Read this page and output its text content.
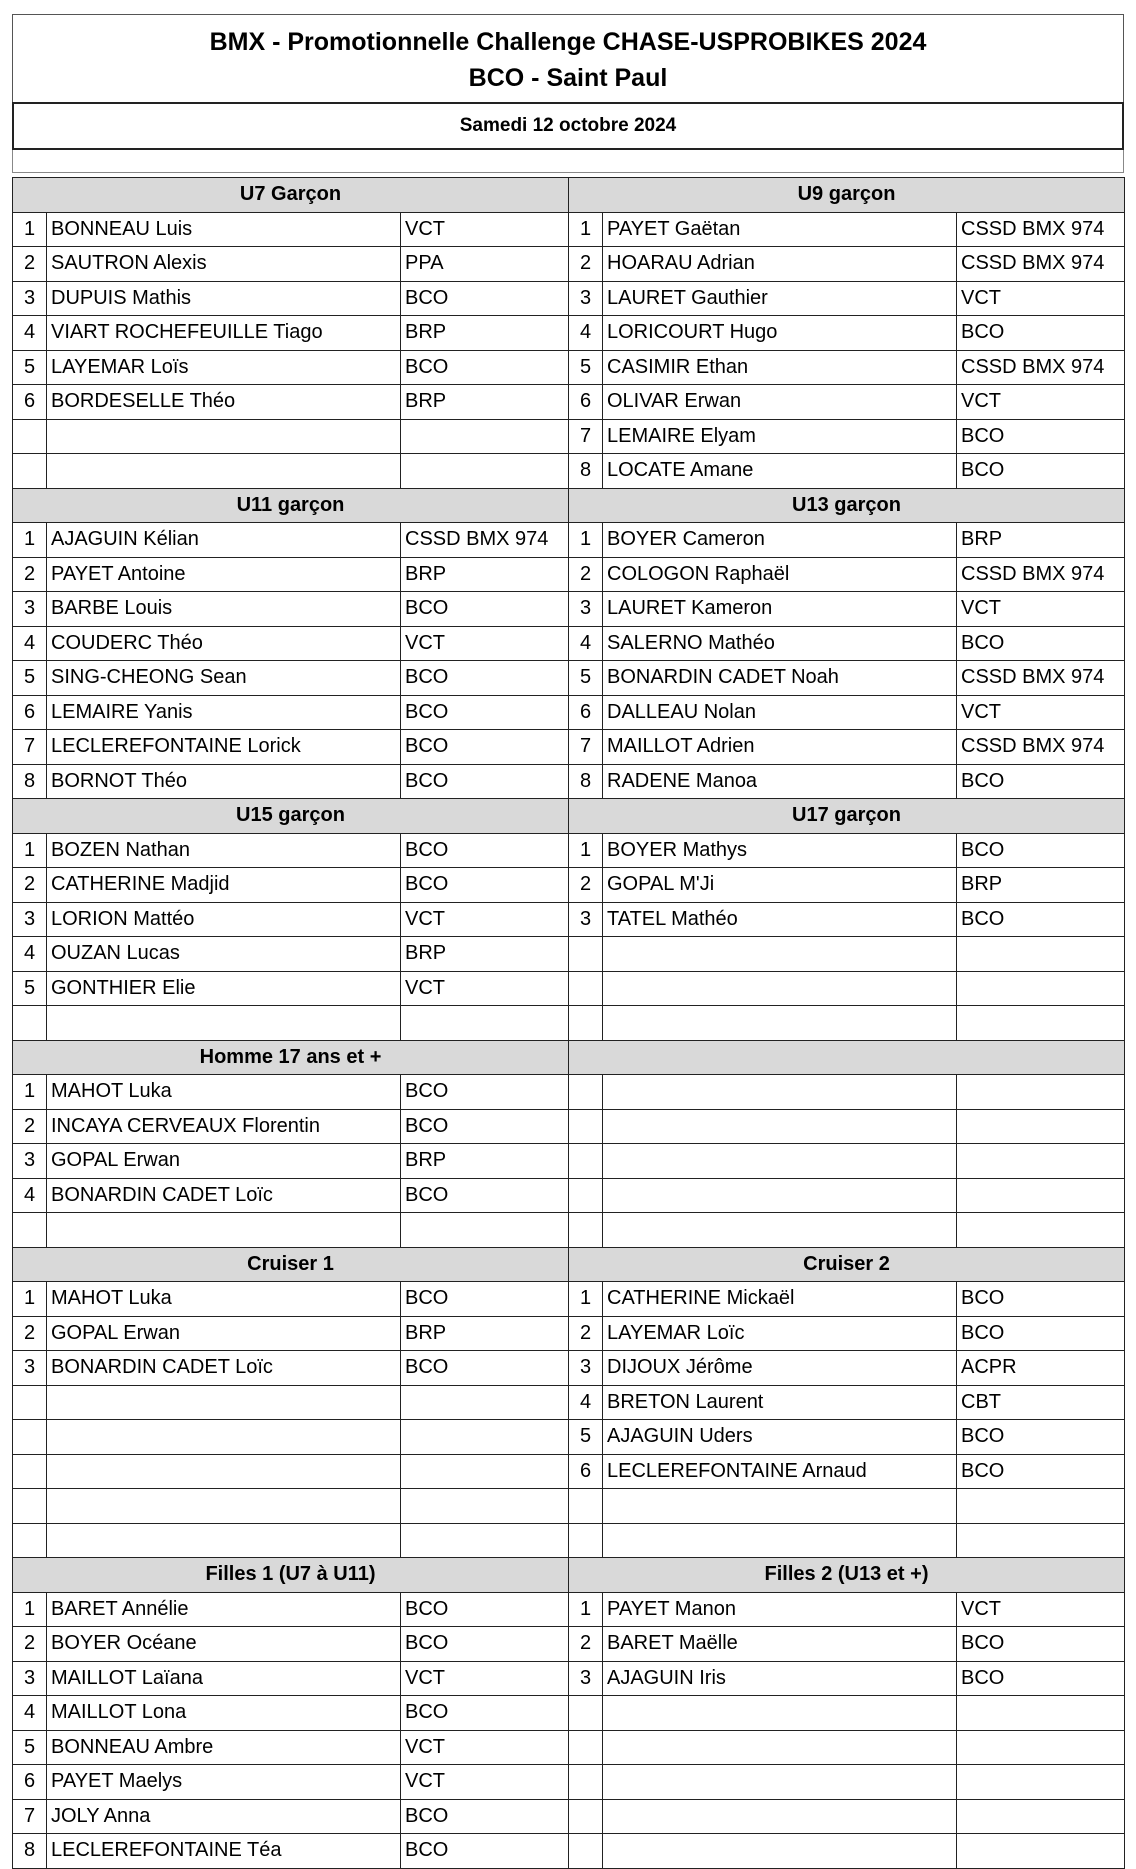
BMX - Promotionnelle Challenge CHASE-USPROBIKES 2024
BCO - Saint Paul
Samedi 12 octobre 2024
U7 Garçon			U9 garçon		
1	BONNEAU Luis	VCT	1	PAYET Gaëtan	CSSD BMX 974
2	SAUTRON Alexis	PPA	2	HOARAU Adrian	CSSD BMX 974
3	DUPUIS Mathis	BCO	3	LAURET Gauthier	VCT
4	VIART ROCHEFEUILLE Tiago	BRP	4	LORICOURT Hugo	BCO
5	LAYEMAR Loïs	BCO	5	CASIMIR Ethan	CSSD BMX 974
6	BORDESELLE Théo	BRP	6	OLIVAR Erwan	VCT
			7	LEMAIRE Elyam	BCO
			8	LOCATE Amane	BCO
U11 garçon			U13 garçon		
1	AJAGUIN Kélian	CSSD BMX 974	1	BOYER Cameron	BRP
2	PAYET Antoine	BRP	2	COLOGON Raphaël	CSSD BMX 974
3	BARBE Louis	BCO	3	LAURET Kameron	VCT
4	COUDERC Théo	VCT	4	SALERNO Mathéo	BCO
5	SING-CHEONG Sean	BCO	5	BONARDIN CADET Noah	CSSD BMX 974
6	LEMAIRE Yanis	BCO	6	DALLEAU Nolan	VCT
7	LECLEREFONTAINE Lorick	BCO	7	MAILLOT Adrien	CSSD BMX 974
8	BORNOT Théo	BCO	8	RADENE Manoa	BCO
U15 garçon			U17 garçon		
1	BOZEN Nathan	BCO	1	BOYER Mathys	BCO
2	CATHERINE Madjid	BCO	2	GOPAL M'Ji	BRP
3	LORION Mattéo	VCT	3	TATEL Mathéo	BCO
4	OUZAN Lucas	BRP			
5	GONTHIER Elie	VCT			

Homme 17 ans et +					
1	MAHOT Luka	BCO			
2	INCAYA CERVEAUX Florentin	BCO			
3	GOPAL Erwan	BRP			
4	BONARDIN CADET Loïc	BCO			

Cruiser 1			Cruiser 2		
1	MAHOT Luka	BCO	1	CATHERINE Mickaël	BCO
2	GOPAL Erwan	BRP	2	LAYEMAR Loïc	BCO
3	BONARDIN CADET Loïc	BCO	3	DIJOUX Jérôme	ACPR
			4	BRETON Laurent	CBT
			5	AJAGUIN Uders	BCO
			6	LECLEREFONTAINE Arnaud	BCO

Filles 1 (U7 à U11)			Filles 2 (U13 et +)		
1	BARET Annélie	BCO	1	PAYET Manon	VCT
2	BOYER Océane	BCO	2	BARET Maëlle	BCO
3	MAILLOT Laïana	VCT	3	AJAGUIN Iris	BCO
4	MAILLOT Lona	BCO			
5	BONNEAU Ambre	VCT			
6	PAYET Maelys	VCT			
7	JOLY Anna	BCO			
8	LECLEREFONTAINE Téa	BCO			
